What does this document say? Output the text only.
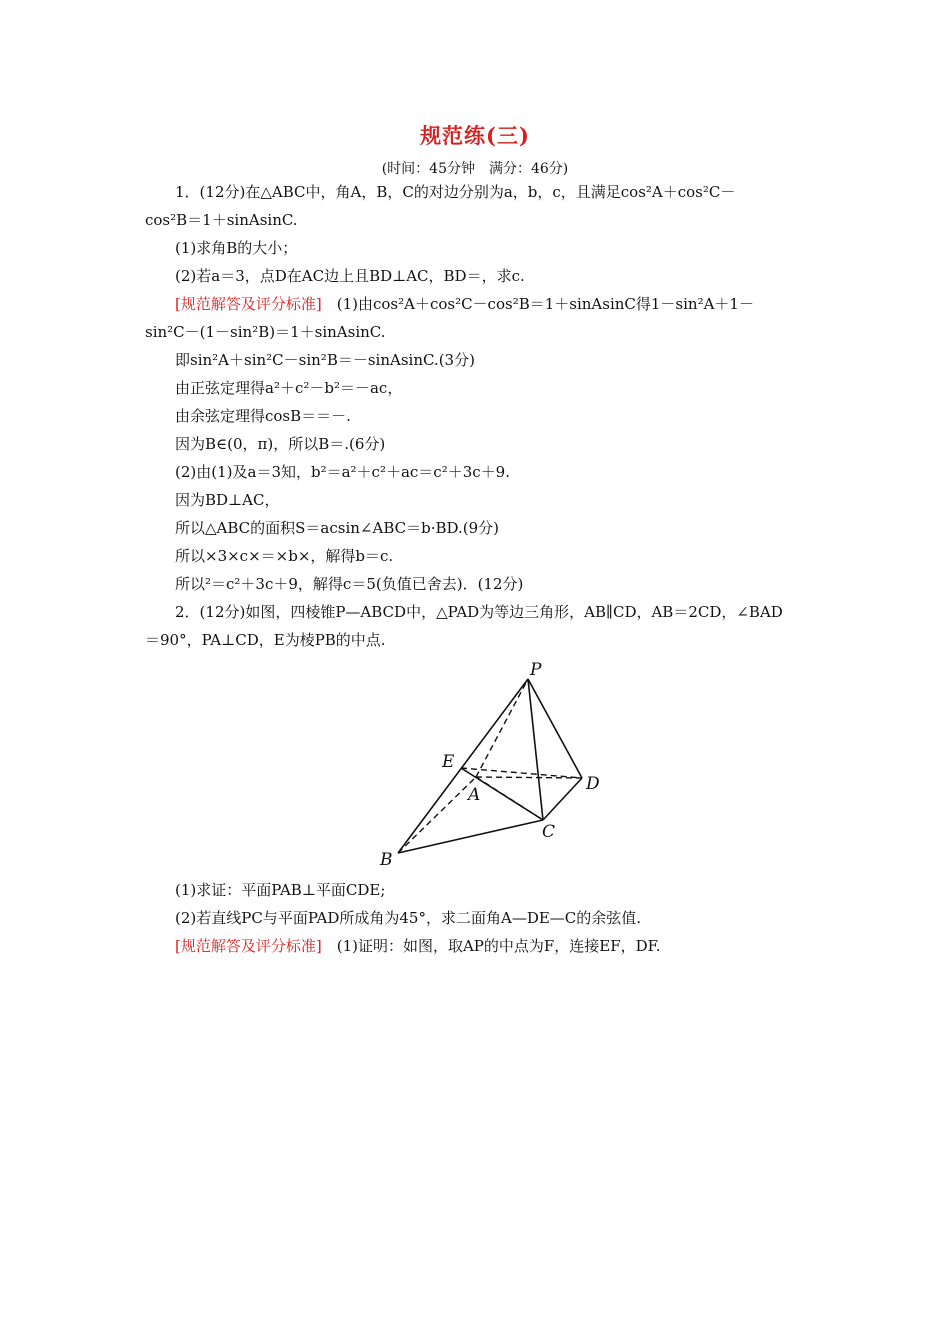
规范练(三)
(时间：45分钟　满分：46分)
1．(12分)在△ABC中，角A，B，C的对边分别为a，b，c，且满足cos²A＋cos²C－
cos²B＝1＋sinAsinC.
(1)求角B的大小；
(2)若a＝3，点D在AC边上且BD⊥AC，BD＝，求c.
[规范解答及评分标准]　(1)由cos²A＋cos²C－cos²B＝1＋sinAsinC得1－sin²A＋1－
sin²C－(1－sin²B)＝1＋sinAsinC.
即sin²A＋sin²C－sin²B＝－sinAsinC.(3分)
由正弦定理得a²＋c²－b²＝－ac，
由余弦定理得cosB＝＝－.
因为B∈(0，π)，所以B＝.(6分)
(2)由(1)及a＝3知，b²＝a²＋c²＋ac＝c²＋3c＋9.
因为BD⊥AC，
所以△ABC的面积S＝acsin∠ABC＝b·BD.(9分)
所以×3×c×＝×b×，解得b＝c.
所以²＝c²＋3c＋9，解得c＝5(负值已舍去)．(12分)
2．(12分)如图，四棱锥P—ABCD中，△PAD为等边三角形，AB∥CD，AB＝2CD，∠BAD
＝90°，PA⊥CD，E为棱PB的中点.
P
E
A
D
C
B
(1)求证：平面PAB⊥平面CDE;
(2)若直线PC与平面PAD所成角为45°，求二面角A—DE—C的余弦值.
[规范解答及评分标准]　(1)证明：如图，取AP的中点为F，连接EF，DF.
